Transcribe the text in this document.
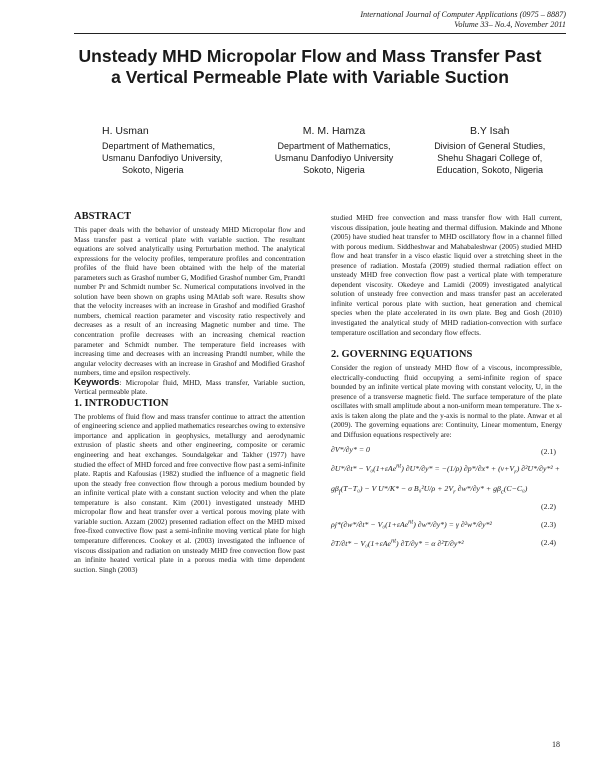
International Journal of Computer Applications (0975 – 8887)
Volume 33– No.4, November 2011
Unsteady MHD Micropolar Flow and Mass Transfer Past
a Vertical Permeable Plate with Variable Suction
H. Usman
Department of Mathematics,
Usmanu Danfodiyo University,
Sokoto, Nigeria
M. M. Hamza
Department of Mathematics,
Usmanu Danfodiyo University
Sokoto, Nigeria
B.Y Isah
Division of General Studies,
Shehu Shagari College of,
Education, Sokoto, Nigeria
ABSTRACT

This paper deals with the behavior of unsteady MHD Micropolar flow and Mass transfer past a vertical plate with variable suction. The resultant equations are solved analytically using Perturbation method. The analytical expressions for the velocity profiles, temperature profiles and concentration profiles of the fluid have been obtained with the help of the material parameters such as Grashof number G, Modified Grashof number Gm, Prandtl number Pr and Schmidt number Sc. Numerical computations involved in the solution have been shown on graphs using MAtlab soft ware. Results show that the velocity increases with an increase in Grashof and modified Grashof numbers, chemical reaction parameter and viscosity ratio respectively and decreases as a result of an increasing Magnetic number and time. The concentration profile decreases with an increasing chemical reaction parameter and Schmidt number. The temperature field increases with increasing time and decreases with an increasing Prandtl number, while the angular velocity decreases with an increase in Grashof and Modified Grashof numbers, time and epsilon respectively.

Keywords: Micropolar fluid, MHD, Mass transfer, Variable suction, Vertical permeable plate.

1. INTRODUCTION

The problems of fluid flow and mass transfer continue to attract the attention of engineering science and applied mathematics researches owing to extensive importance and application in geophysics, metallurgy and aerodynamic extrusion of plastic sheets and other engineering, composite or ceramic engineering and heat exchanges. Soundalgekar and Takher (1977) have studied the effect of MHD forced and free convective flow past a semi-infinite plate. Raptis and Kafousias (1982) studied the influence of a magnetic field upon the steady free convection flow through a porous medium bounded by an infinite vertical plate with a constant suction velocity and when the plate temperature is also constant. Kim (2001) investigated unsteady MHD micropolar flow and heat transfer over a vertical porous moving plate with variable suction. Azzam (2002) presented radiation effect on the MHD mixed free-fixed convective flow past a semi-infinite moving vertical plate for high temperature differences. Cookey et al. (2003) investigated the influence of viscous dissipation and radiation on unsteady MHD free convection flow past an infinite heated vertical plate in a porous media with time dependent suction. Singh (2003)

studied MHD free convection and mass transfer flow with Hall current, viscous dissipation, joule heating and thermal diffusion. Makinde and Mhone (2005) have studied heat transfer to MHD oscillatory flow in a channel filled with porous medium. Siddheshwar and Mahabaleshwar (2005) studied MHD flow and heat transfer in a visco elastic liquid over a stretching sheet in the presence of radiation. Mostafa (2009) studied thermal radiation effect on unsteady MHD free convection flow past a vertical plate with temperature dependent viscosity. Okedeye and Lamidi (2009) investigated analytical solution of unsteady free convection and mass transfer past an accelerated infinite vertical porous plate with suction, heat generation and chemical species when the plate accelerated in its own plate. Beg and Gosh (2010) investigated the analytical study of MHD radiation-convection with surface temperature oscillation and secondary flow effects.

2. GOVERNING EQUATIONS

Consider the region of unsteady MHD flow of a viscous, incompressible, electrically-conducting fluid occupying a semi-infinite region of space bounded by an infinite vertical plate moving with constant velocity, U, in the presence of a transverse magnetic field. The surface temperature of the plate oscillates with small amplitude about a non-uniform mean temperature. The x-axis is taken along the plate and the y-axis is normal to the plate. Anwar et al (2009). The governing equations are: Continuity, Linear momentum, Energy and Diffusion equations respectively are:

∂V*/∂y* = 0	(2.1)
∂U*/∂t* − V₀(1+εAe$^{nt}$) ∂U*/∂y* = −(1/ρ) $\partial p*/\partial x* + (\nu+V_r) \partial^2U*/\partial y*^2$ +
$g\beta_f(T-T_0) - V$ U*/K* − σ $B_0^2U/\rho + 2V_r$ $\partial w*/\partial y* + g\beta_c(C-C_0)$
(2.2)
ρj*(∂w*/∂t* − V₀(1+εAe$^{nt}$) ∂w*/∂y*) = γ ∂²w*/∂y*²	(2.3)
∂T/∂t* − V₀(1+εAe$^{nt}$) ∂T/∂y* = α ∂²T/∂y*²	(2.4)
18
